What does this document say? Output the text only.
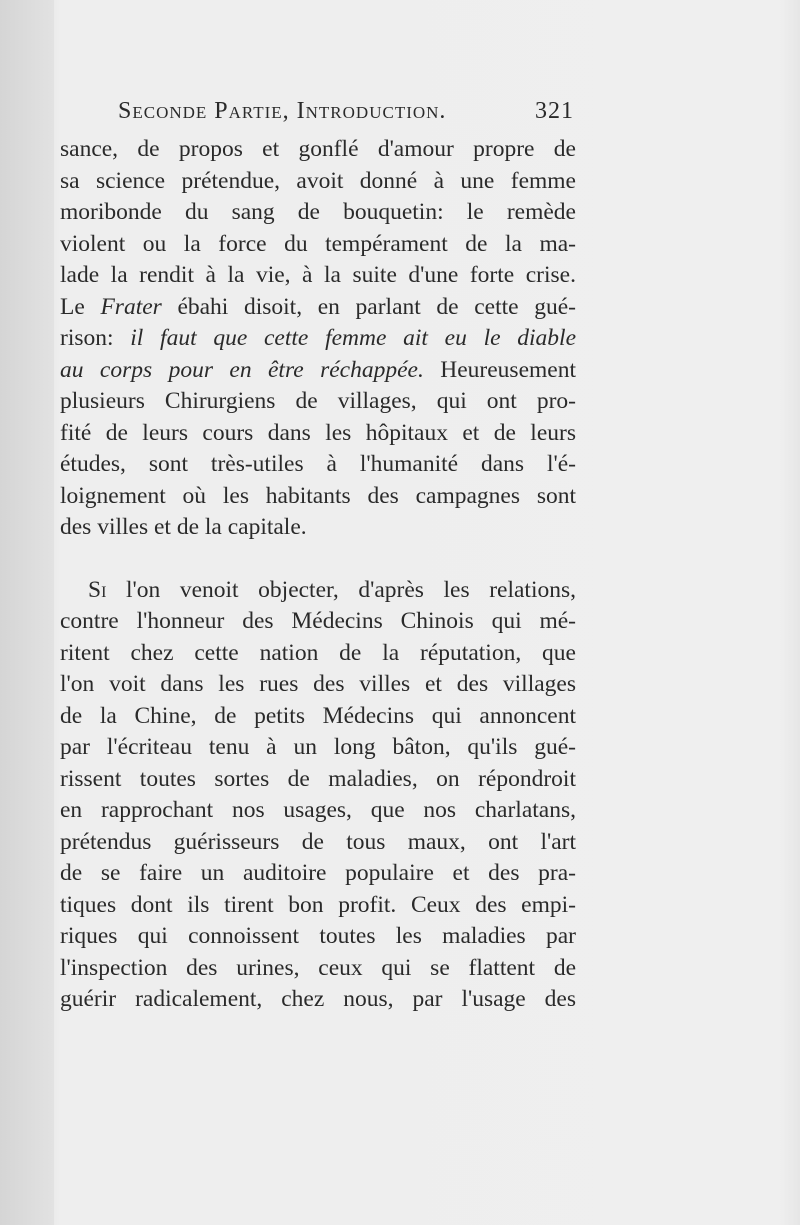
Seconde Partie, Introduction.	321
sance, de propos et gonflé d'amour propre de
sa science prétendue, avoit donné à une femme
moribonde du sang de bouquetin: le remède
violent ou la force du tempérament de la ma-
lade la rendit à la vie, à la suite d'une forte crise.
Le Frater ébahi disoit, en parlant de cette gué-
rison: il faut que cette femme ait eu le diable
au corps pour en être réchappée. Heureusement
plusieurs Chirurgiens de villages, qui ont pro-
fité de leurs cours dans les hôpitaux et de leurs
études, sont très-utiles à l'humanité dans l'é-
loignement où les habitants des campagnes sont
des villes et de la capitale.
Si l'on venoit objecter, d'après les relations,
contre l'honneur des Médecins Chinois qui mé-
ritent chez cette nation de la réputation, que
l'on voit dans les rues des villes et des villages
de la Chine, de petits Médecins qui annoncent
par l'écriteau tenu à un long bâton, qu'ils gué-
rissent toutes sortes de maladies, on répondroit
en rapprochant nos usages, que nos charlatans,
prétendus guérisseurs de tous maux, ont l'art
de se faire un auditoire populaire et des pra-
tiques dont ils tirent bon profit. Ceux des empi-
riques qui connoissent toutes les maladies par
l'inspection des urines, ceux qui se flattent de
guérir radicalement, chez nous, par l'usage des
